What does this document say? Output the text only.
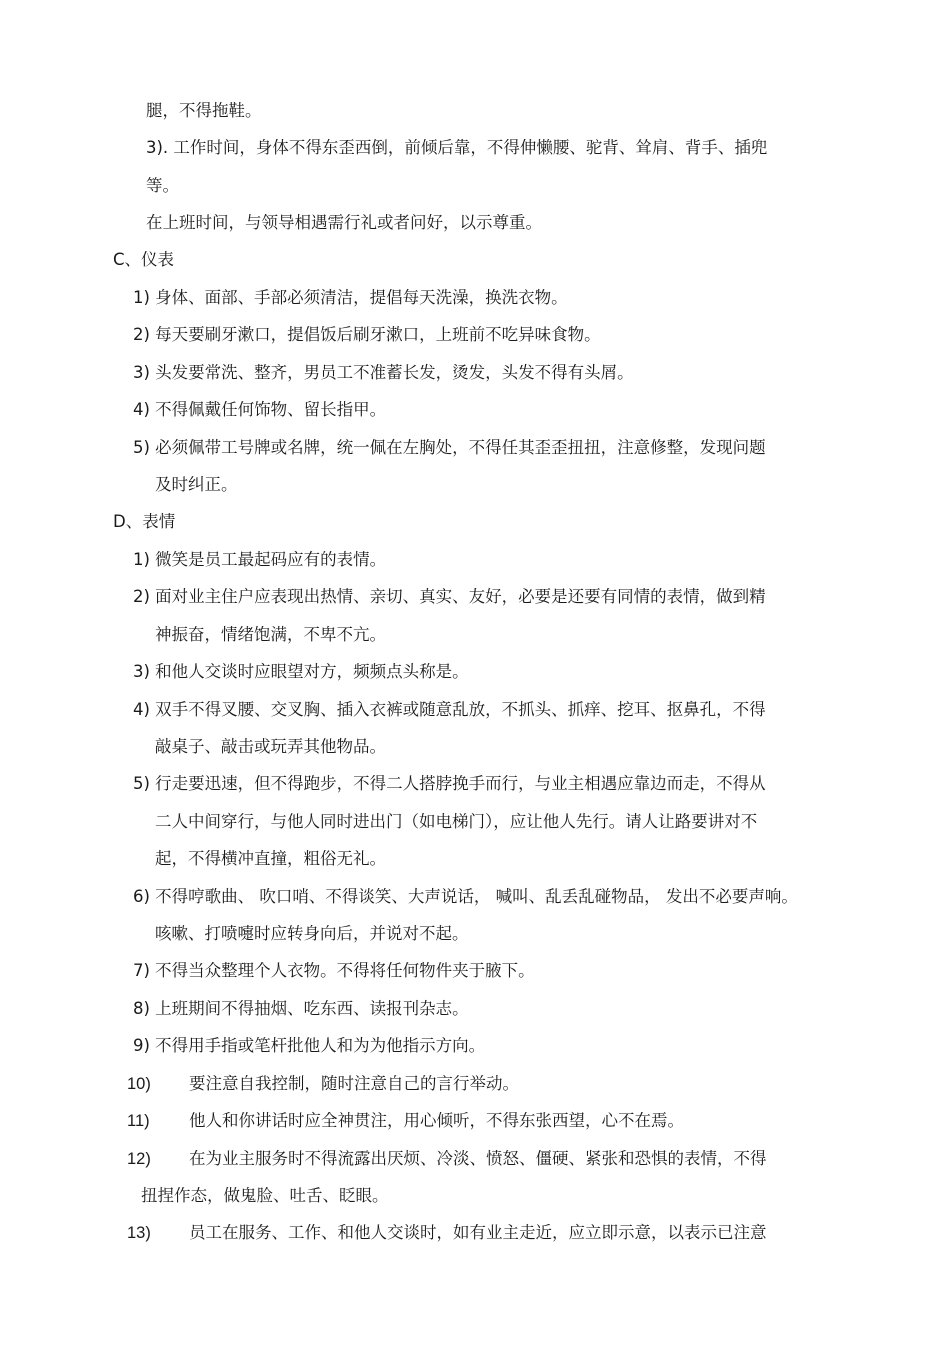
腿，不得拖鞋。
3). 工作时间，身体不得东歪西倒，前倾后靠，不得伸懒腰、驼背、耸肩、背手、插兜
等。
在上班时间，与领导相遇需行礼或者问好，以示尊重。
C、仪表
1) 身体、面部、手部必须清洁，提倡每天洗澡，换洗衣物。
2) 每天要刷牙漱口，提倡饭后刷牙漱口，上班前不吃异味食物。
3) 头发要常洗、整齐，男员工不准蓄长发，烫发，头发不得有头屑。
4) 不得佩戴任何饰物、留长指甲。
5) 必须佩带工号牌或名牌，统一佩在左胸处，不得任其歪歪扭扭，注意修整，发现问题
及时纠正。
D、表情
1) 微笑是员工最起码应有的表情。
2) 面对业主住户应表现出热情、亲切、真实、友好，必要是还要有同情的表情，做到精
神振奋，情绪饱满，不卑不亢。
3) 和他人交谈时应眼望对方，频频点头称是。
4) 双手不得叉腰、交叉胸、插入衣裤或随意乱放，不抓头、抓痒、挖耳、抠鼻孔，不得
敲桌子、敲击或玩弄其他物品。
5) 行走要迅速，但不得跑步，不得二人搭脖挽手而行，与业主相遇应靠边而走，不得从
二人中间穿行，与他人同时进出门（如电梯门），应让他人先行。请人让路要讲对不
起，不得横冲直撞，粗俗无礼。
6) 不得哼歌曲、 吹口哨、不得谈笑、大声说话， 喊叫、乱丢乱碰物品， 发出不必要声响。
咳嗽、打喷嚏时应转身向后，并说对不起。
7) 不得当众整理个人衣物。不得将任何物件夹于腋下。
8) 上班期间不得抽烟、吃东西、读报刊杂志。
9) 不得用手指或笔杆批他人和为为他指示方向。
10) 要注意自我控制，随时注意自己的言行举动。
11) 他人和你讲话时应全神贯注，用心倾听，不得东张西望，心不在焉。
12) 在为业主服务时不得流露出厌烦、冷淡、愤怒、僵硬、紧张和恐惧的表情，不得
扭捏作态，做鬼脸、吐舌、眨眼。
13) 员工在服务、工作、和他人交谈时，如有业主走近，应立即示意，以表示已注意
